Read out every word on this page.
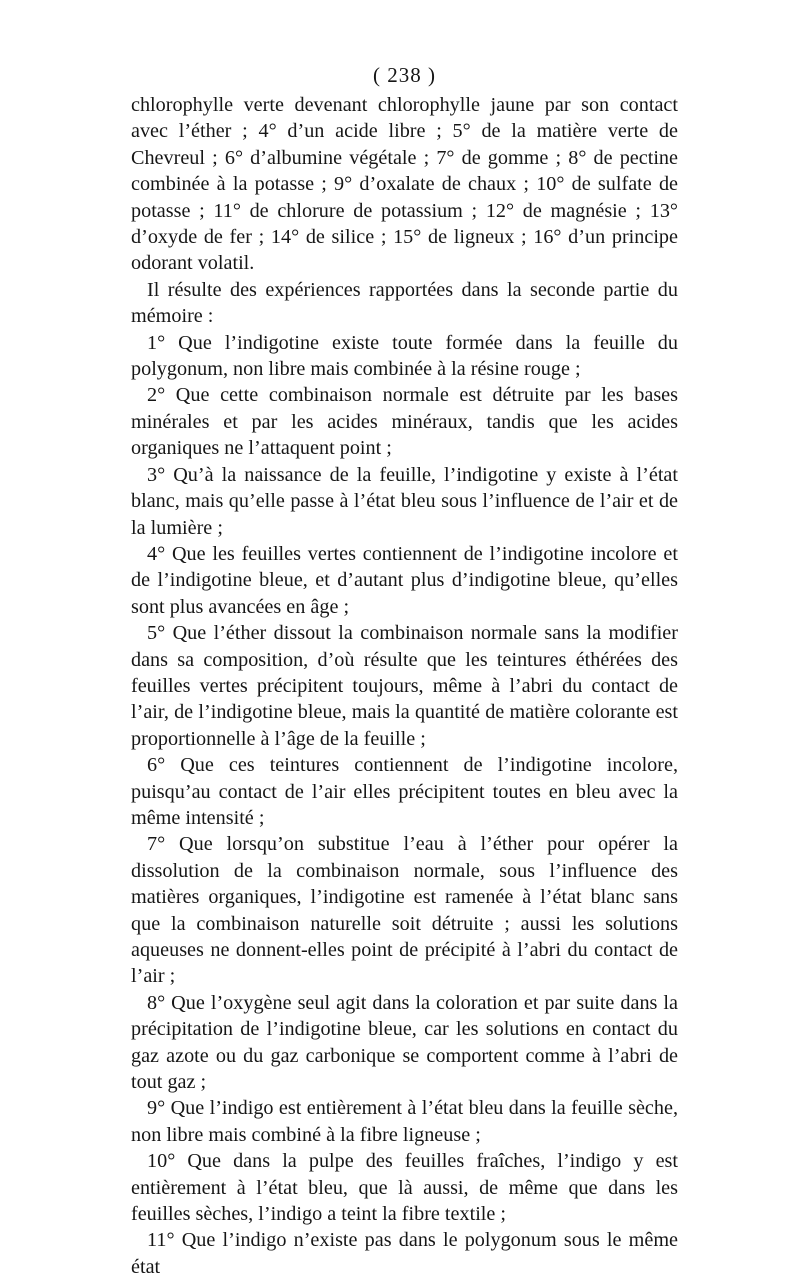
( 238 )

chlorophylle verte devenant chlorophylle jaune par son contact avec l’éther ; 4° d’un acide libre ; 5° de la matière verte de Chevreul ; 6° d’albumine végétale ; 7° de gomme ; 8° de pectine combinée à la potasse ; 9° d’oxalate de chaux ; 10° de sulfate de potasse ; 11° de chlorure de potassium ; 12° de magnésie ; 13° d’oxyde de fer ; 14° de silice ; 15° de ligneux ; 16° d’un principe odorant volatil.

Il résulte des expériences rapportées dans la seconde partie du mémoire :

1° Que l’indigotine existe toute formée dans la feuille du polygonum, non libre mais combinée à la résine rouge ;

2° Que cette combinaison normale est détruite par les bases minérales et par les acides minéraux, tandis que les acides organiques ne l’attaquent point ;

3° Qu’à la naissance de la feuille, l’indigotine y existe à l’état blanc, mais qu’elle passe à l’état bleu sous l’influence de l’air et de la lumière ;

4° Que les feuilles vertes contiennent de l’indigotine incolore et de l’indigotine bleue, et d’autant plus d’indigotine bleue, qu’elles sont plus avancées en âge ;

5° Que l’éther dissout la combinaison normale sans la modifier dans sa composition, d’où résulte que les teintures éthérées des feuilles vertes précipitent toujours, même à l’abri du contact de l’air, de l’indigotine bleue, mais la quantité de matière colorante est proportionnelle à l’âge de la feuille ;

6° Que ces teintures contiennent de l’indigotine incolore, puisqu’au contact de l’air elles précipitent toutes en bleu avec la même intensité ;

7° Que lorsqu’on substitue l’eau à l’éther pour opérer la dissolution de la combinaison normale, sous l’influence des matières organiques, l’indigotine est ramenée à l’état blanc sans que la combinaison naturelle soit détruite ; aussi les solutions aqueuses ne donnent-elles point de précipité à l’abri du contact de l’air ;

8° Que l’oxygène seul agit dans la coloration et par suite dans la précipitation de l’indigotine bleue, car les solutions en contact du gaz azote ou du gaz carbonique se comportent comme à l’abri de tout gaz ;

9° Que l’indigo est entièrement à l’état bleu dans la feuille sèche, non libre mais combiné à la fibre ligneuse ;

10° Que dans la pulpe des feuilles fraîches, l’indigo y est entièrement à l’état bleu, que là aussi, de même que dans les feuilles sèches, l’indigo a teint la fibre textile ;

11° Que l’indigo n’existe pas dans le polygonum sous le même état
